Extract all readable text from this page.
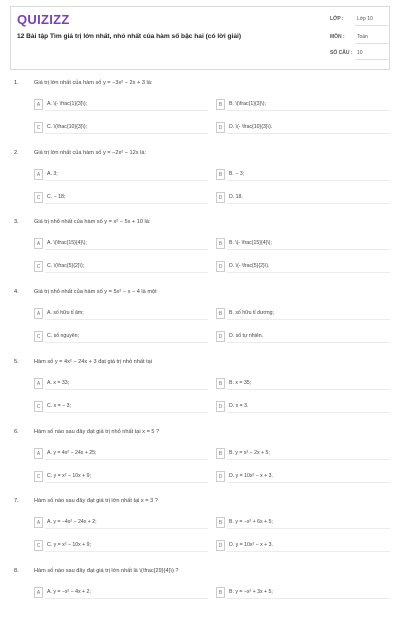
QUIZIZZ
12 Bài tập Tìm giá trị lớn nhất, nhỏ nhất của hàm số bậc hai (có lời giải)
LỚP :	Lớp 10
MÔN : Toán
SỐ CÂU : 10
1.	Giá trị lớn nhất của hàm số y = −3x² − 2x + 3 là:
A	A. \(- \frac{1}{3}\);	B	B. \(\frac{1}{3}\);
C	C. \(\frac{10}{3}\);	D	D. \(- \frac{10}{3}\).
2.	Giá trị lớn nhất của hàm số y = −2x² − 12x là:
A	A. 3;	B	B. − 3;
C	C. − 18;	D	D. 18.
3.	Giá trị nhỏ nhất của hàm số y = x² − 5x + 10 là:
A	A. \(\frac{15}{4}\);	B	B. \(- \frac{15}{4}\);
C	C. \(\frac{5}{2}\);	D	D. \(- \frac{5}{2}\).
4.	Giá trị nhỏ nhất của hàm số y = 5x² − x − 4 là một
A	A. số hữu tỉ âm;	B	B. số hữu tỉ dương;
C	C. số nguyên;	D	D. số tự nhiên.
5.	Hàm số y = 4x² − 24x + 3 đạt giá trị nhỏ nhất tại
A	A. x = 33;	B	B. x = 35;
C	C. x = − 3;	D	D. x = 3.
6.	Hàm số nào sau đây đạt giá trị nhỏ nhất tại x = 5 ?
A	A. y = 4x² − 24x + 25;	B	B. y = x² − 2x + 5;
C	C. y = x² − 10x + 9;	D	D. y = 10x² − x + 3.
7.	Hàm số nào sau đây đạt giá trị lớn nhất tại x = 3 ?
A	A. y = −4x² − 24x + 2;	B	B. y = −x² + 6x + 5;
C	C. y = x² − 10x + 9;	D	D. y = 10x² − x + 3.
8.	Hàm số nào sau đây đạt giá trị lớn nhất là \(\frac{29}{4}\) ?
A	A. y = −x² − 4x + 2;	B	B. y = −x² + 3x + 5;
